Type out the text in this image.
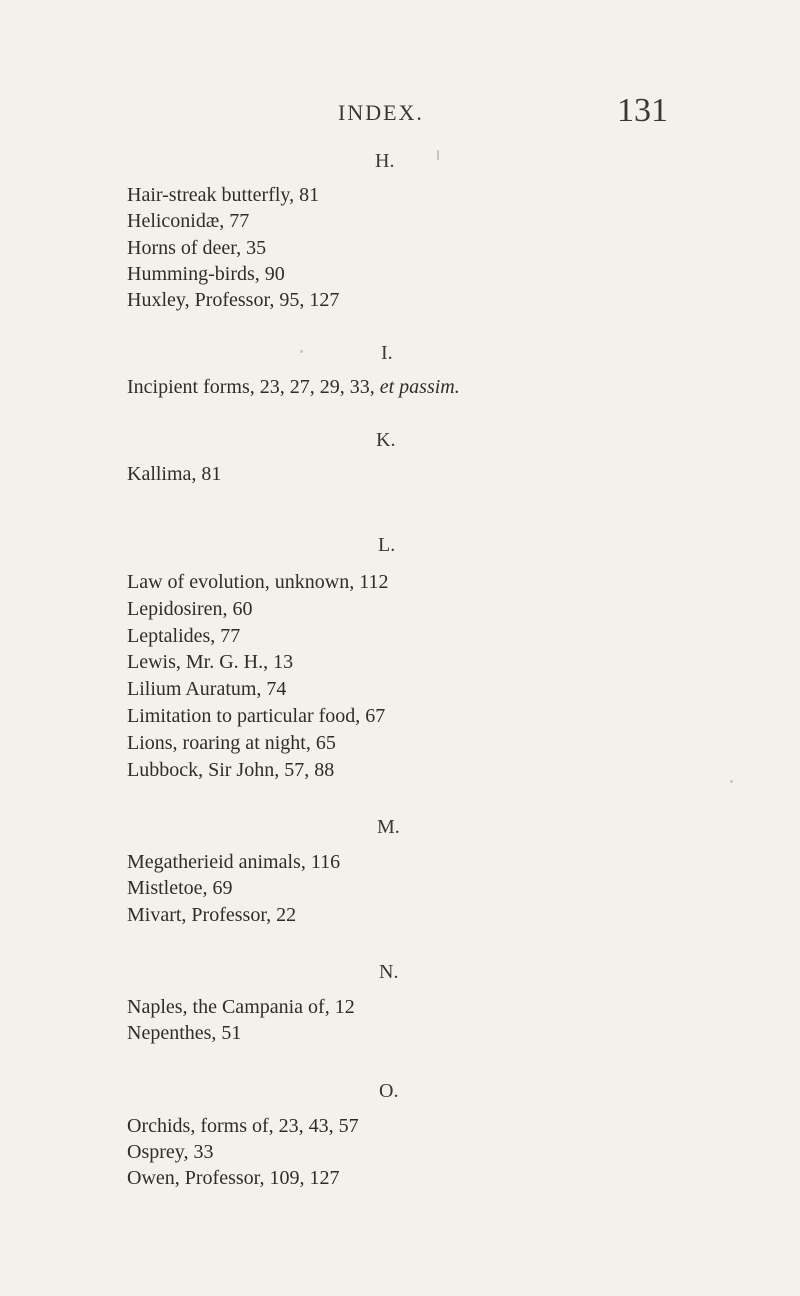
INDEX.	131
H.
Hair-streak butterfly, 81
Heliconidæ, 77
Horns of deer, 35
Humming-birds, 90
Huxley, Professor, 95, 127
I.
Incipient forms, 23, 27, 29, 33, et passim.
K.
Kallima, 81
L.
Law of evolution, unknown, 112
Lepidosiren, 60
Leptalides, 77
Lewis, Mr. G. H., 13
Lilium Auratum, 74
Limitation to particular food, 67
Lions, roaring at night, 65
Lubbock, Sir John, 57, 88
M.
Megatherieid animals, 116
Mistletoe, 69
Mivart, Professor, 22
N.
Naples, the Campania of, 12
Nepenthes, 51
O.
Orchids, forms of, 23, 43, 57
Osprey, 33
Owen, Professor, 109, 127
